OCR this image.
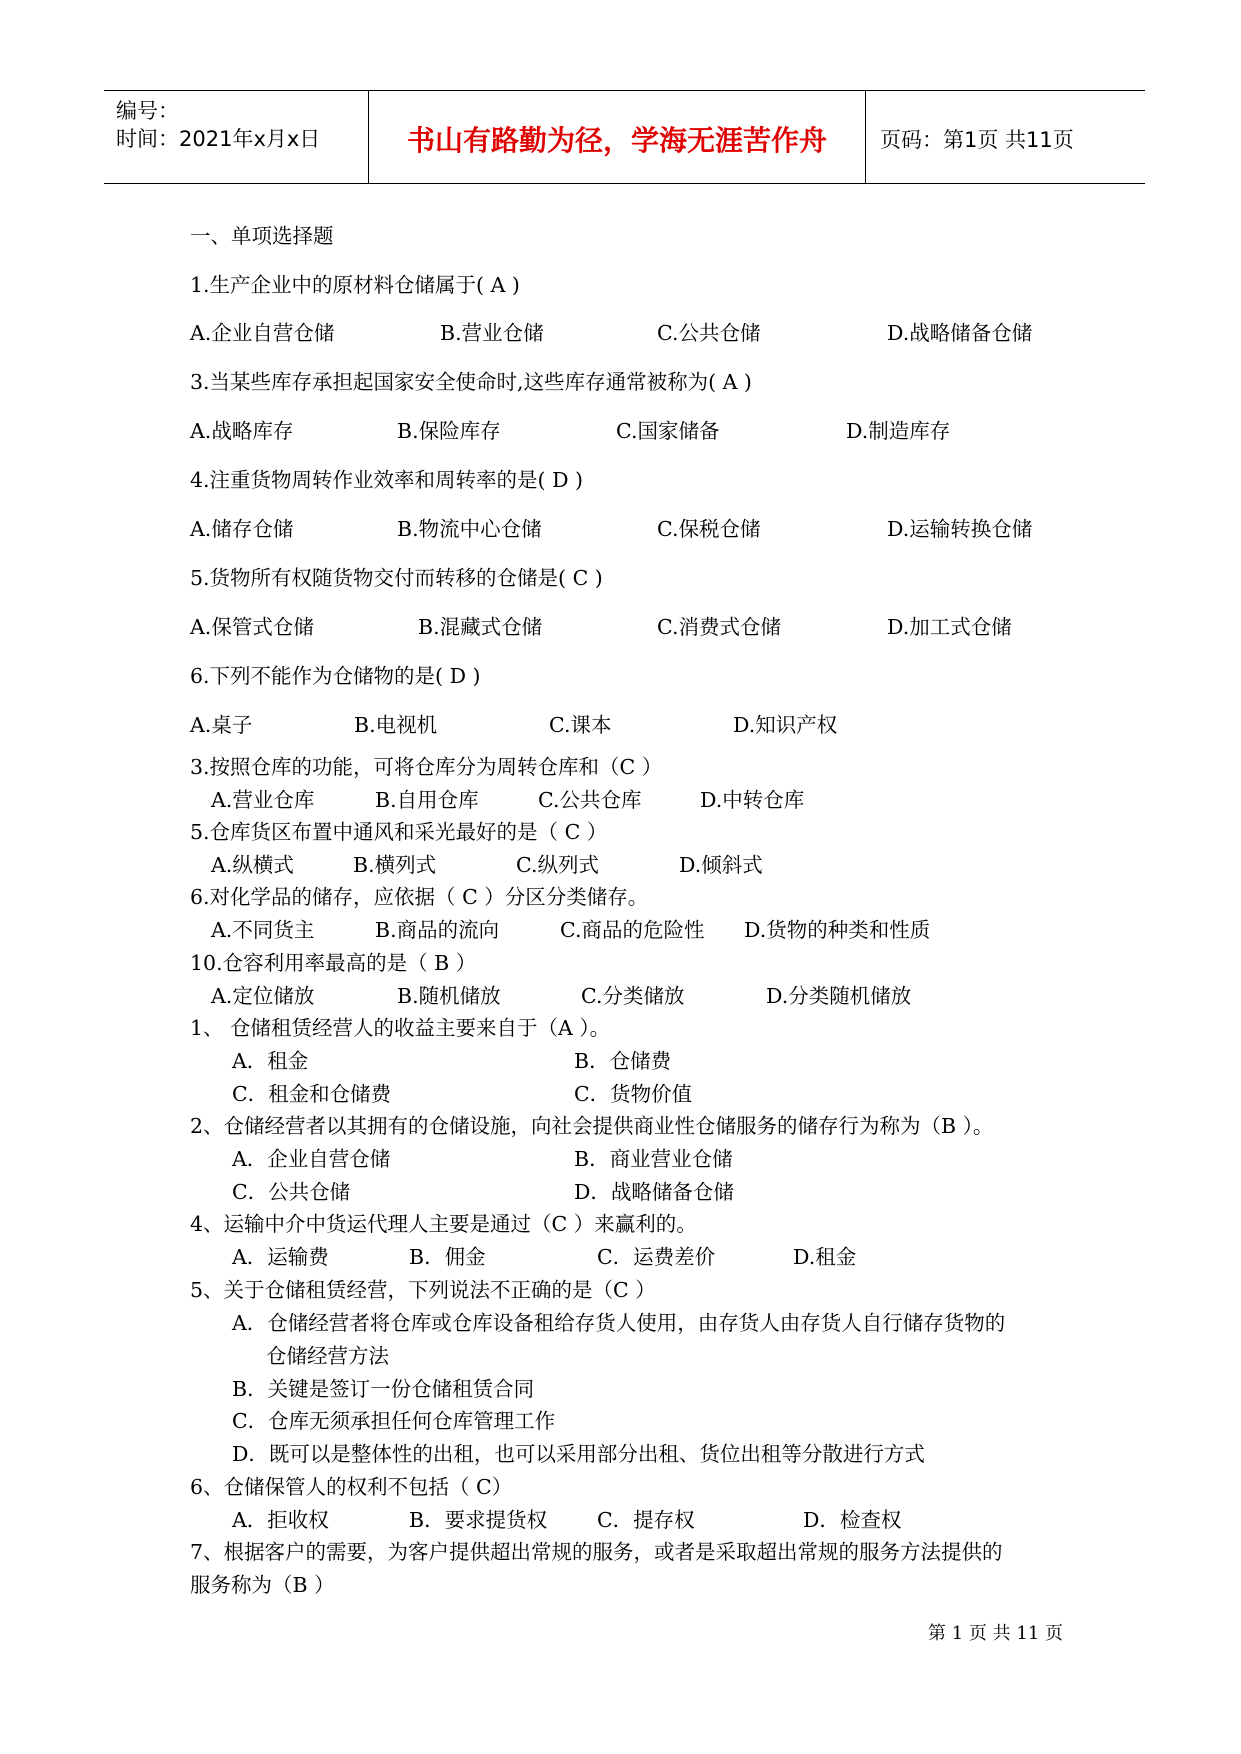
编号：
时间：2021年x月x日	书山有路勤为径，学海无涯苦作舟	页码：第1页 共11页
一、单项选择题
1.生产企业中的原材料仓储属于( A )
A.企业自营仓储	B.营业仓储	C.公共仓储	D.战略储备仓储
3.当某些库存承担起国家安全使命时,这些库存通常被称为( A )
A.战略库存	B.保险库存	C.国家储备	D.制造库存
4.注重货物周转作业效率和周转率的是( D )
A.储存仓储	B.物流中心仓储	C.保税仓储	D.运输转换仓储
5.货物所有权随货物交付而转移的仓储是( C )
A.保管式仓储	B.混藏式仓储	C.消费式仓储	D.加工式仓储
6.下列不能作为仓储物的是( D )
A.桌子	B.电视机	C.课本	D.知识产权
3.按照仓库的功能，可将仓库分为周转仓库和（C ）
A.营业仓库	B.自用仓库	C.公共仓库	D.中转仓库
5.仓库货区布置中通风和采光最好的是（ C ）
A.纵横式	B.横列式	C.纵列式	D.倾斜式
6.对化学品的储存，应依据（ C ）分区分类储存。
A.不同货主	B.商品的流向	C.商品的危险性 D.货物的种类和性质
10.仓容利用率最高的是（ B ）
A.定位储放	B.随机储放	C.分类储放	D.分类随机储放
1、 仓储租赁经营人的收益主要来自于（A ）。
A．租金	B．仓储费
C．租金和仓储费	C．货物价值
2、仓储经营者以其拥有的仓储设施，向社会提供商业性仓储服务的储存行为称为（B ）。
A．企业自营仓储	B．商业营业仓储
C．公共仓储	D．战略储备仓储
4、运输中介中货运代理人主要是通过（C ）来赢利的。
A．运输费	B．佣金	C．运费差价	D.租金
5、关于仓储租赁经营，下列说法不正确的是（C ）
A．仓储经营者将仓库或仓库设备租给存货人使用，由存货人由存货人自行储存货物的
仓储经营方法
B．关键是签订一份仓储租赁合同
C．仓库无须承担任何仓库管理工作
D．既可以是整体性的出租，也可以采用部分出租、货位出租等分散进行方式
6、仓储保管人的权利不包括（ C）
A．拒收权	B．要求提货权 C．提存权	D．检查权
7、根据客户的需要，为客户提供超出常规的服务，或者是采取超出常规的服务方法提供的
服务称为（B ）
第 1 页 共 11 页
